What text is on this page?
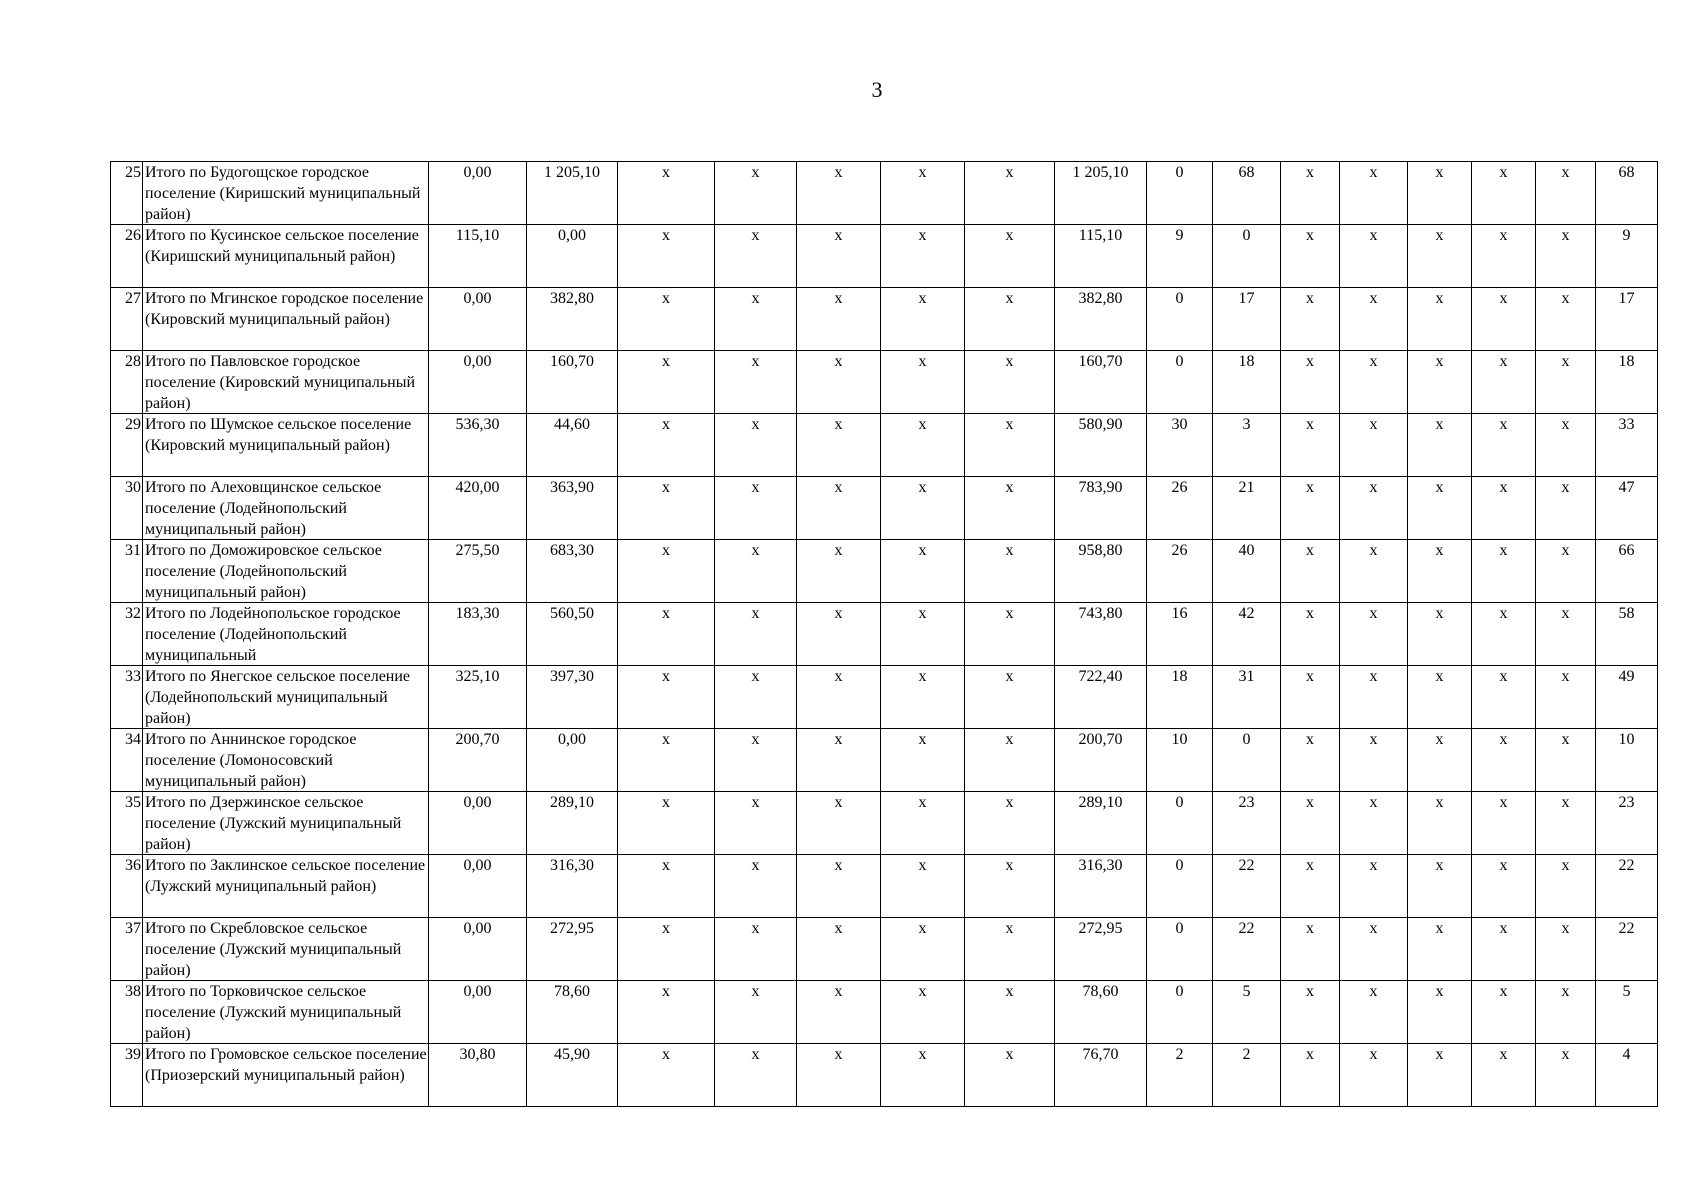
3
25	Итого по Будогощское городское поселение (Киришский муниципальный район)	0,00	1 205,10	х	х	х	х	х	1 205,10	0	68	х	х	х	х	х	68
26	Итого по Кусинское сельское поселение (Киришский муниципальный район)	115,10	0,00	х	х	х	х	х	115,10	9	0	х	х	х	х	х	9
27	Итого по Мгинское городское поселение (Кировский муниципальный район)	0,00	382,80	х	х	х	х	х	382,80	0	17	х	х	х	х	х	17
28	Итого по Павловское городское поселение (Кировский муниципальный район)	0,00	160,70	х	х	х	х	х	160,70	0	18	х	х	х	х	х	18
29	Итого по Шумское сельское поселение (Кировский муниципальный район)	536,30	44,60	х	х	х	х	х	580,90	30	3	х	х	х	х	х	33
30	Итого по Алеховщинское сельское поселение (Лодейнопольский муниципальный район)	420,00	363,90	х	х	х	х	х	783,90	26	21	х	х	х	х	х	47
31	Итого по Доможировское сельское поселение (Лодейнопольский муниципальный район)	275,50	683,30	х	х	х	х	х	958,80	26	40	х	х	х	х	х	66
32	Итого по Лодейнопольское городское поселение (Лодейнопольский муниципальный	183,30	560,50	х	х	х	х	х	743,80	16	42	х	х	х	х	х	58
33	Итого по Янегское сельское поселение (Лодейнопольский муниципальный район)	325,10	397,30	х	х	х	х	х	722,40	18	31	х	х	х	х	х	49
34	Итого по Аннинское городское поселение (Ломоносовский муниципальный район)	200,70	0,00	х	х	х	х	х	200,70	10	0	х	х	х	х	х	10
35	Итого по Дзержинское сельское поселение (Лужский муниципальный район)	0,00	289,10	х	х	х	х	х	289,10	0	23	х	х	х	х	х	23
36	Итого по Заклинское сельское поселение (Лужский муниципальный район)	0,00	316,30	х	х	х	х	х	316,30	0	22	х	х	х	х	х	22
37	Итого по Скребловское сельское поселение (Лужский муниципальный район)	0,00	272,95	х	х	х	х	х	272,95	0	22	х	х	х	х	х	22
38	Итого по Торковичское сельское поселение (Лужский муниципальный район)	0,00	78,60	х	х	х	х	х	78,60	0	5	х	х	х	х	х	5
39	Итого по Громовское сельское поселение (Приозерский муниципальный район)	30,80	45,90	х	х	х	х	х	76,70	2	2	х	х	х	х	х	4
